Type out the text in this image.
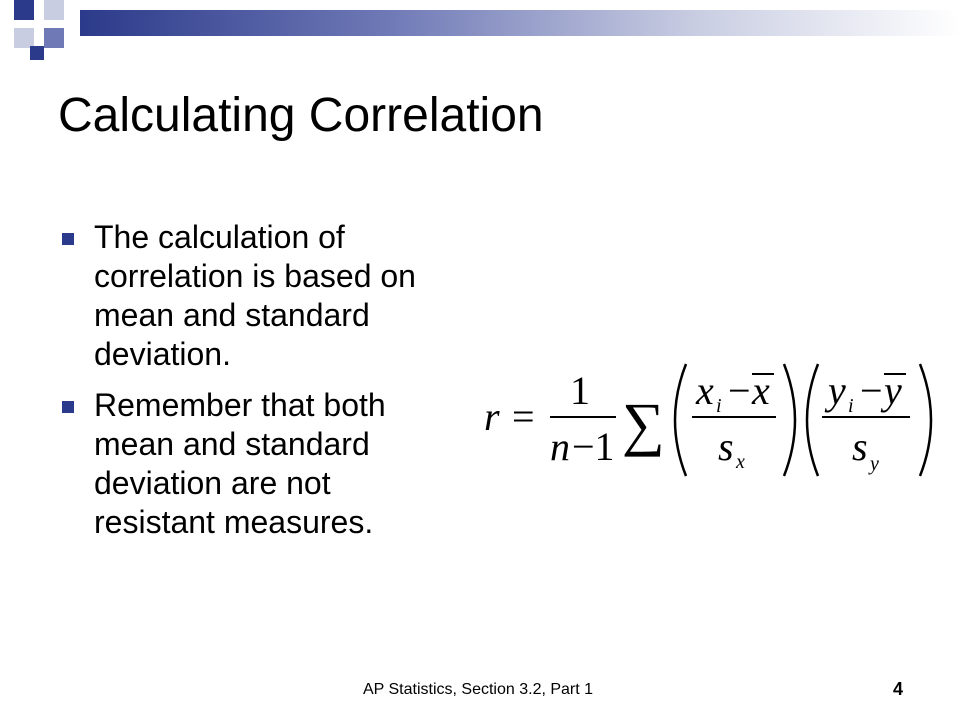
Calculating Correlation
The calculation of correlation is based on mean and standard deviation.
Remember that both mean and standard deviation are not resistant measures.
r =
1
n −1 ∑
x i − x
s x
y i − y
s y
AP Statistics, Section 3.2, Part 1	4
